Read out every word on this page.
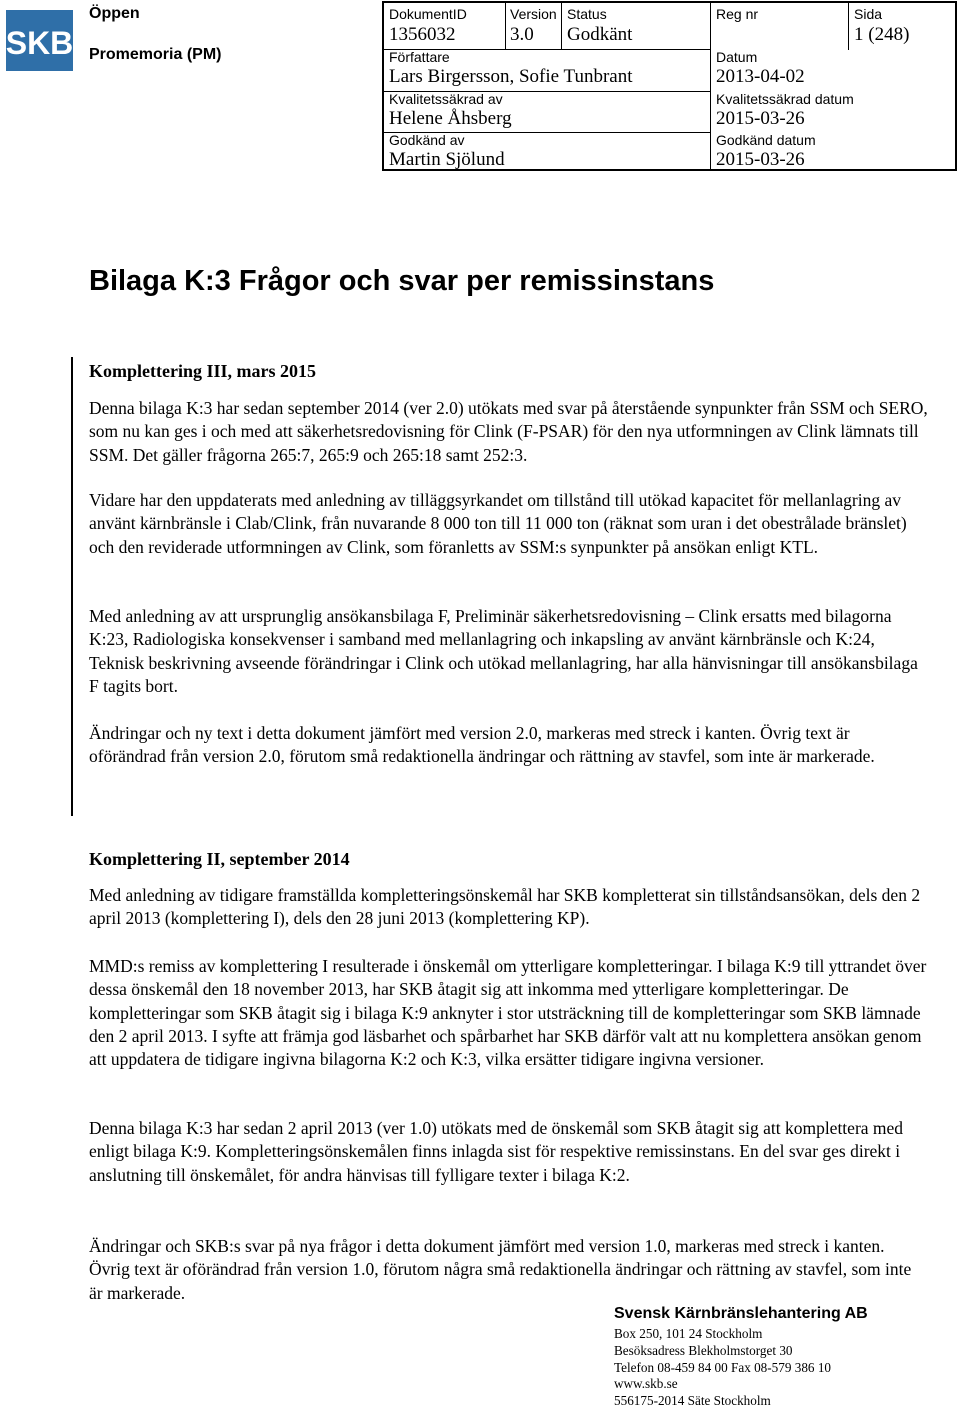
SKB
Öppen
Promemoria (PM)
DokumentID
1356032
Version
3.0
Status
Godkänt
Reg nr	Sida
1 (248)
Författare
Lars Birgersson, Sofie Tunbrant
Datum
2013-04-02
Kvalitetssäkrad av
Helene Åhsberg
Kvalitetssäkrad datum
2015-03-26
Godkänd av
Martin Sjölund
Godkänd datum
2015-03-26
Bilaga K:3 Frågor och svar per remissinstans
Komplettering III, mars 2015

Denna bilaga K:3 har sedan september 2014 (ver 2.0) utökats med svar på återstående synpunkter från SSM och SERO, som nu kan ges i och med att säkerhetsredovisning för Clink (F-PSAR) för den nya utformningen av Clink lämnats till SSM. Det gäller frågorna 265:7, 265:9 och 265:18 samt 252:3.

Vidare har den uppdaterats med anledning av tilläggsyrkandet om tillstånd till utökad kapacitet för mellanlagring av använt kärnbränsle i Clab/Clink, från nuvarande 8 000 ton till 11 000 ton (räknat som uran i det obestrålade bränslet) och den reviderade utformningen av Clink, som föranletts av SSM:s synpunkter på ansökan enligt KTL.

Med anledning av att ursprunglig ansökansbilaga F, Preliminär säkerhetsredovisning – Clink ersatts med bilagorna K:23, Radiologiska konsekvenser i samband med mellanlagring och inkapsling av använt kärnbränsle och K:24, Teknisk beskrivning avseende förändringar i Clink och utökad mellanlagring, har alla hänvisningar till ansökansbilaga F tagits bort.

Ändringar och ny text i detta dokument jämfört med version 2.0, markeras med streck i kanten. Övrig text är oförändrad från version 2.0, förutom små redaktionella ändringar och rättning av stavfel, som inte är markerade.

Komplettering II, september 2014

Med anledning av tidigare framställda kompletteringsönskemål har SKB kompletterat sin tillståndsansökan, dels den 2 april 2013 (komplettering I), dels den 28 juni 2013 (komplettering KP).

MMD:s remiss av komplettering I resulterade i önskemål om ytterligare kompletteringar. I bilaga K:9 till yttrandet över dessa önskemål den 18 november 2013, har SKB åtagit sig att inkomma med ytterligare kompletteringar. De kompletteringar som SKB åtagit sig i bilaga K:9 anknyter i stor utsträckning till de kompletteringar som SKB lämnade den 2 april 2013. I syfte att främja god läsbarhet och spårbarhet har SKB därför valt att nu komplettera ansökan genom att uppdatera de tidigare ingivna bilagorna K:2 och K:3, vilka ersätter tidigare ingivna versioner.

Denna bilaga K:3 har sedan 2 april 2013 (ver 1.0) utökats med de önskemål som SKB åtagit sig att komplettera med enligt bilaga K:9. Kompletteringsönskemålen finns inlagda sist för respektive remissinstans. En del svar ges direkt i anslutning till önskemålet, för andra hänvisas till fylligare texter i bilaga K:2.

Ändringar och SKB:s svar på nya frågor i detta dokument jämfört med version 1.0, markeras med streck i kanten. Övrig text är oförändrad från version 1.0, förutom några små redaktionella ändringar och rättning av stavfel, som inte är markerade.

Svensk Kärnbränslehantering AB

Box 250, 101 24 Stockholm
Besöksadress Blekholmstorget 30
Telefon 08-459 84 00 Fax 08-579 386 10
www.skb.se
556175-2014 Säte Stockholm
